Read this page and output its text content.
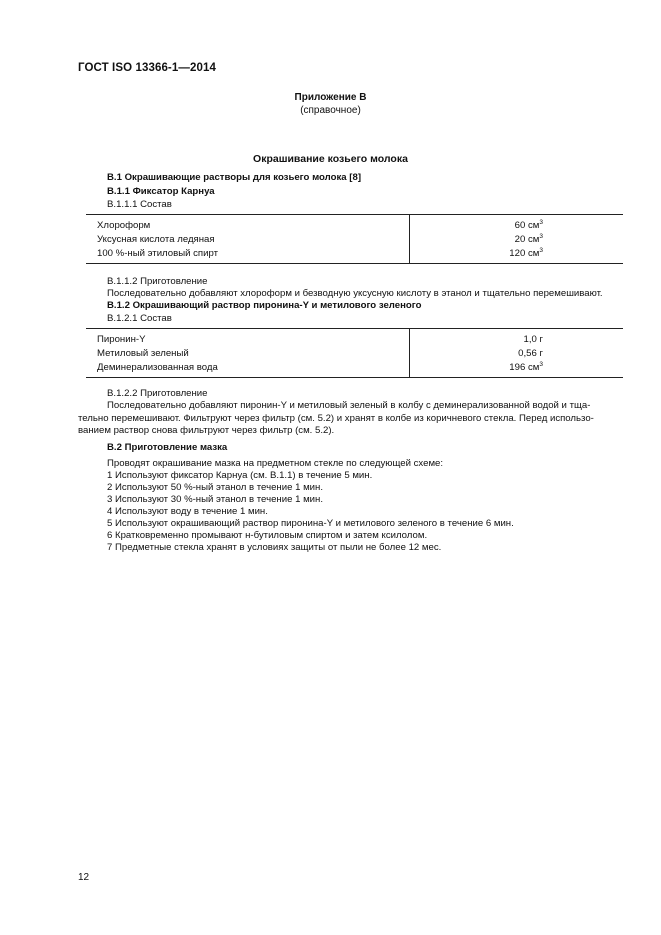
ГОСТ ISO 13366-1—2014
Приложение В
(справочное)
Окрашивание козьего молока
В.1 Окрашивающие растворы для козьего молока [8]
В.1.1 Фиксатор Карнуа
В.1.1.1 Состав
Хлороформ	60 $см^3$
Уксусная кислота ледяная	20 $см^3$
100 %-ный этиловый спирт	120 $см^3$
В.1.1.2 Приготовление
Последовательно добавляют хлороформ и безводную уксусную кислоту в этанол и тщательно перемешивают.
В.1.2 Окрашивающий раствор пиронина-Y и метилового зеленого
В.1.2.1 Состав
Пиронин-Y	1,0 г
Метиловый зеленый	0,56 г
Деминерализованная вода	196 $см^3$
В.1.2.2 Приготовление
Последовательно добавляют пиронин-Y и метиловый зеленый в колбу с деминерализованной водой и тща-
тельно перемешивают. Фильтруют через фильтр (см. 5.2) и хранят в колбе из коричневого стекла. Перед использо-
ванием раствор снова фильтруют через фильтр (см. 5.2).
В.2 Приготовление мазка
Проводят окрашивание мазка на предметном стекле по следующей схеме:
1 Используют фиксатор Карнуа (см. В.1.1) в течение 5 мин.
2 Используют 50 %-ный этанол в течение 1 мин.
3 Используют 30 %-ный этанол в течение 1 мин.
4 Используют воду в течение 1 мин.
5 Используют окрашивающий раствор пиронина-Y и метилового зеленого в течение 6 мин.
6 Кратковременно промывают н-бутиловым спиртом и затем ксилолом.
7 Предметные стекла хранят в условиях защиты от пыли не более 12 мес.
12
